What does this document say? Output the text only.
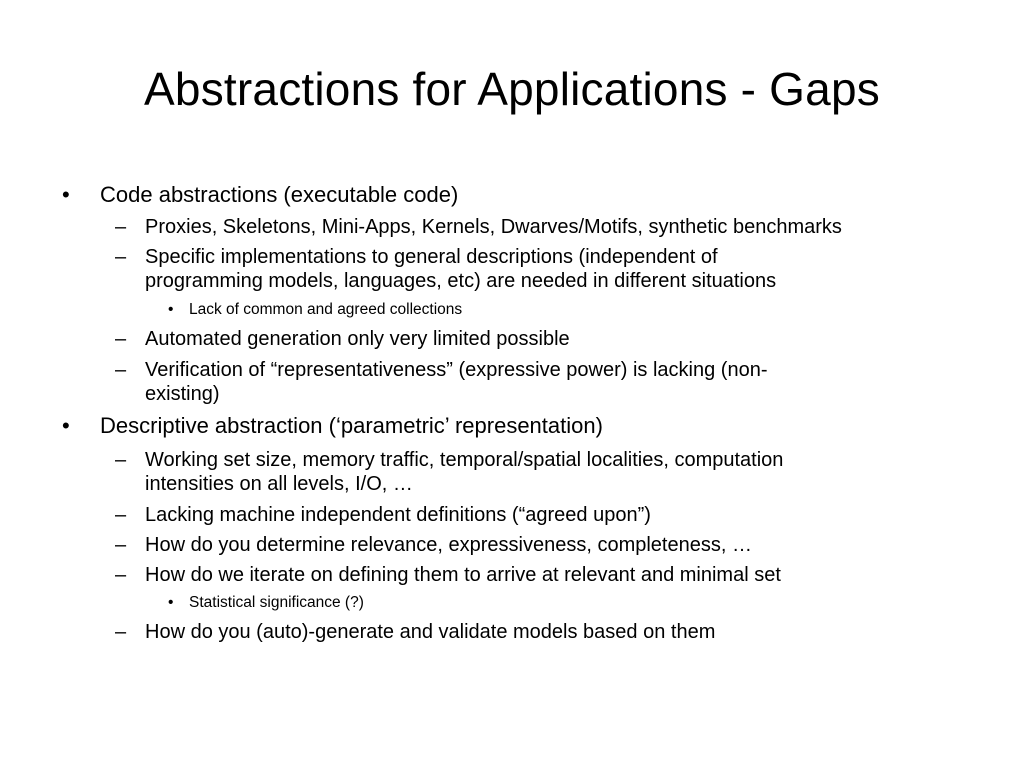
Abstractions for Applications - Gaps
• Code abstractions (executable code)
– Proxies, Skeletons, Mini-Apps, Kernels, Dwarves/Motifs, synthetic benchmarks
– Specific implementations to general descriptions (independent of
programming models, languages, etc) are needed in different situations
• Lack of common and agreed collections
– Automated generation only very limited possible
– Verification of “representativeness” (expressive power) is lacking (non-
existing)
• Descriptive abstraction (‘parametric’ representation)
– Working set size, memory traffic, temporal/spatial localities, computation
intensities on all levels, I/O, …
– Lacking machine independent definitions (“agreed upon”)
– How do you determine relevance, expressiveness, completeness, …
– How do we iterate on defining them to arrive at relevant and minimal set
• Statistical significance (?)
– How do you (auto)-generate and validate models based on them
